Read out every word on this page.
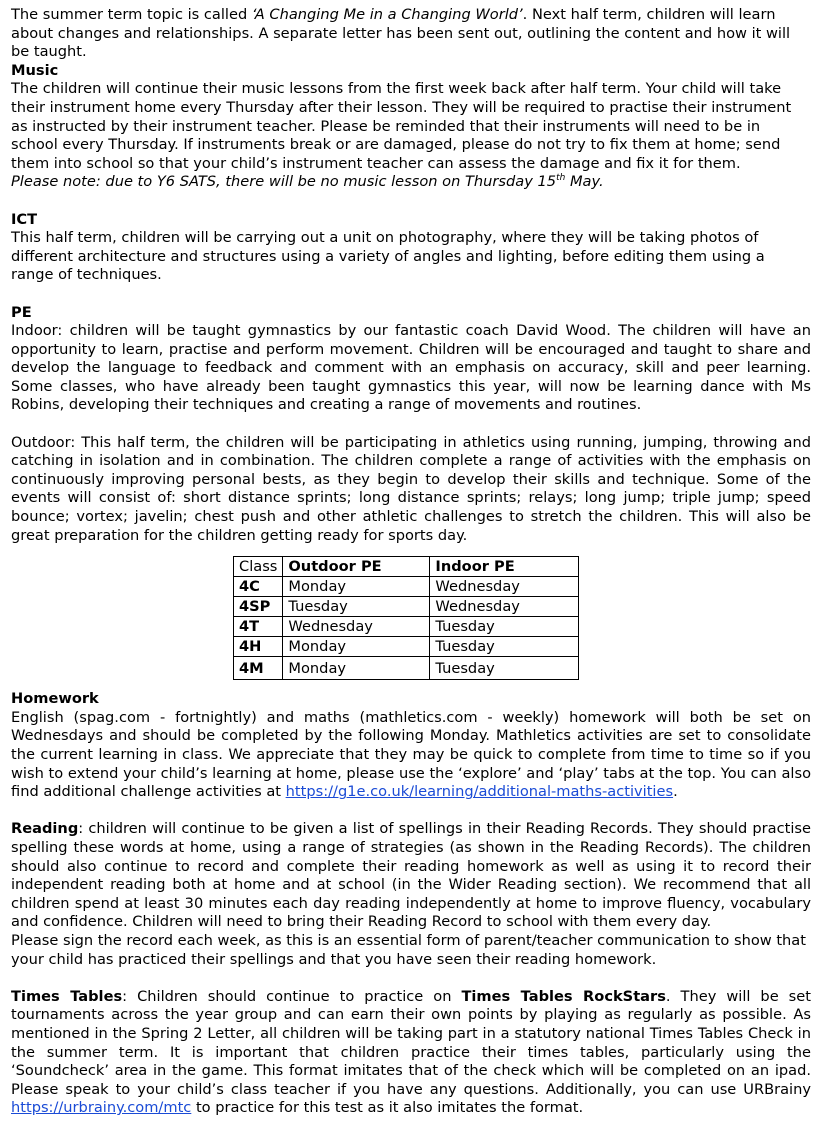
The summer term topic is called ‘A Changing Me in a Changing World’. Next half term, children will learn about changes and relationships. A separate letter has been sent out, outlining the content and how it will be taught.

Music

The children will continue their music lessons from the first week back after half term. Your child will take their instrument home every Thursday after their lesson. They will be required to practise their instrument as instructed by their instrument teacher. Please be reminded that their instruments will need to be in school every Thursday. If instruments break or are damaged, please do not try to fix them at home; send them into school so that your child’s instrument teacher can assess the damage and fix it for them.

Please note: due to Y6 SATS, there will be no music lesson on Thursday 15th May.

ICT

This half term, children will be carrying out a unit on photography, where they will be taking photos of different architecture and structures using a variety of angles and lighting, before editing them using a range of techniques.

PE

Indoor: children will be taught gymnastics by our fantastic coach David Wood. The children will have an opportunity to learn, practise and perform movement. Children will be encouraged and taught to share and develop the language to feedback and comment with an emphasis on accuracy, skill and peer learning. Some classes, who have already been taught gymnastics this year, will now be learning dance with Ms Robins, developing their techniques and creating a range of movements and routines.

Outdoor: This half term, the children will be participating in athletics using running, jumping, throwing and catching in isolation and in combination. The children complete a range of activities with the emphasis on continuously improving personal bests, as they begin to develop their skills and technique. Some of the events will consist of: short distance sprints; long distance sprints; relays; long jump; triple jump; speed bounce; vortex; javelin; chest push and other athletic challenges to stretch the children. This will also be great preparation for the children getting ready for sports day.

Class	Outdoor PE	Indoor PE
4C	Monday	Wednesday
4SP	Tuesday	Wednesday
4T	Wednesday	Tuesday
4H	Monday	Tuesday
4M	Monday	Tuesday

Homework

English (spag.com - fortnightly) and maths (mathletics.com - weekly) homework will both be set on Wednesdays and should be completed by the following Monday. Mathletics activities are set to consolidate the current learning in class. We appreciate that they may be quick to complete from time to time so if you wish to extend your child’s learning at home, please use the ‘explore’ and ‘play’ tabs at the top. You can also find additional challenge activities at https://g1e.co.uk/learning/additional-maths-activities.

Reading: children will continue to be given a list of spellings in their Reading Records. They should practise spelling these words at home, using a range of strategies (as shown in the Reading Records). The children should also continue to record and complete their reading homework as well as using it to record their independent reading both at home and at school (in the Wider Reading section). We recommend that all children spend at least 30 minutes each day reading independently at home to improve fluency, vocabulary and confidence. Children will need to bring their Reading Record to school with them every day.

Please sign the record each week, as this is an essential form of parent/teacher communication to show that your child has practiced their spellings and that you have seen their reading homework.

Times Tables: Children should continue to practice on Times Tables RockStars. They will be set tournaments across the year group and can earn their own points by playing as regularly as possible. As mentioned in the Spring 2 Letter, all children will be taking part in a statutory national Times Tables Check in the summer term. It is important that children practice their times tables, particularly using the ‘Soundcheck’ area in the game. This format imitates that of the check which will be completed on an ipad. Please speak to your child’s class teacher if you have any questions. Additionally, you can use URBrainy https://urbrainy.com/mtc to practice for this test as it also imitates the format.
